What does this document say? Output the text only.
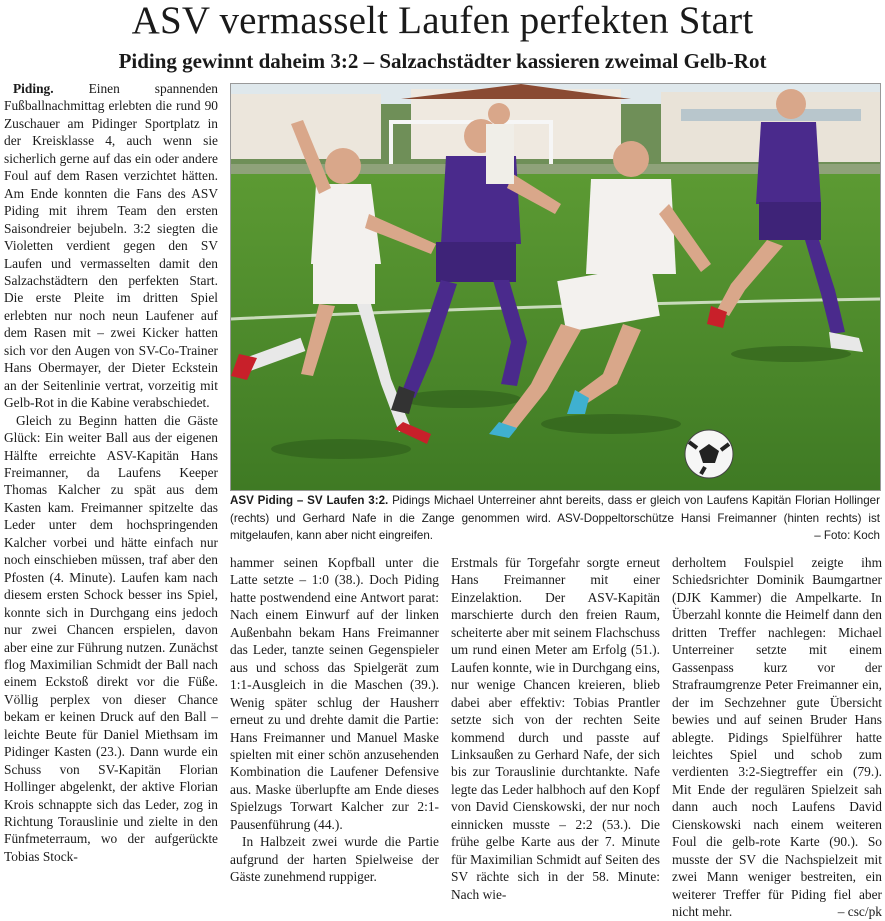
ASV vermasselt Laufen perfekten Start
Piding gewinnt daheim 3:2 – Salzachstädter kassieren zweimal Gelb-Rot

Piding.	Einen spannenden Fußballnachmittag erlebten die rund 90 Zuschauer am Pidinger Sportplatz in der Kreisklasse 4, auch wenn sie sicherlich gerne auf das ein oder andere Foul auf dem Rasen verzichtet hätten. Am Ende konnten die Fans des ASV Piding mit ihrem Team den ersten Saisondreier bejubeln. 3:2 siegten die Violetten verdient gegen den SV Laufen und vermasselten damit den Salzachstädtern den perfekten Start. Die erste Pleite im dritten Spiel erlebten nur noch neun Laufener auf dem Rasen mit – zwei Kicker hatten sich vor den Augen von SV-Co-Trainer Hans Obermayer, der Dieter Eckstein an der Seitenlinie vertrat, vorzeitig mit Gelb-Rot in die Kabine verabschiedet.

Gleich zu Beginn hatten die Gäste Glück: Ein weiter Ball aus der eigenen Hälfte erreichte ASV-Kapitän Hans Freimanner, da Laufens Keeper Thomas Kalcher zu spät aus dem Kasten kam. Freimanner spitzelte das Leder unter dem hochspringenden Kalcher vorbei und hätte einfach nur noch einschieben müssen, traf aber den Pfosten (4. Minute). Laufen kam nach diesem ersten Schock besser ins Spiel, konnte sich in Durchgang eins jedoch nur zwei Chancen erspielen, davon aber eine zur Führung nutzen. Zunächst flog Maximilian Schmidt der Ball nach einem Eckstoß direkt vor die Füße. Völlig perplex von dieser Chance bekam er keinen Druck auf den Ball – leichte Beute für Daniel Miethsam im Pidinger Kasten (23.). Dann wurde ein Schuss von SV-Kapitän Florian Hollinger abgelenkt, der aktive Florian Krois schnappte sich das Leder, zog in Richtung Torauslinie und zielte in den Fünfmeterraum, wo der aufgerückte Tobias Stock-

ASV Piding – SV Laufen 3:2. Pidings Michael Unterreiner ahnt bereits, dass er gleich von Laufens Kapitän Florian Hollinger (rechts) und Gerhard Nafe in die Zange genommen wird. ASV-Doppeltorschütze Hansi Freimanner (hinten rechts) ist mitgelaufen, kann aber nicht eingreifen.	– Foto: Koch

hammer seinen Kopfball unter die Latte setzte – 1:0 (38.). Doch Piding hatte postwendend eine Antwort parat: Nach einem Einwurf auf der linken Außenbahn bekam Hans Freimanner das Leder, tanzte seinen Gegenspieler aus und schoss das Spielgerät zum 1:1-Ausgleich in die Maschen (39.). Wenig später schlug der Hausherr erneut zu und drehte damit die Partie: Hans Freimanner und Manuel Maske spielten mit einer schön anzusehenden Kombination die Laufener Defensive aus. Maske überlupfte am Ende dieses Spielzugs Torwart Kalcher zur 2:1-Pausenführung (44.).

In Halbzeit zwei wurde die Partie aufgrund der harten Spielweise der Gäste zunehmend ruppiger.

Erstmals für Torgefahr sorgte erneut Hans Freimanner mit einer Einzelaktion. Der ASV-Kapitän marschierte durch den freien Raum, scheiterte aber mit seinem Flachschuss um rund einen Meter am Erfolg (51.). Laufen konnte, wie in Durchgang eins, nur wenige Chancen kreieren, blieb dabei aber effektiv: Tobias Prantler setzte sich von der rechten Seite kommend durch und passte auf Linksaußen zu Gerhard Nafe, der sich bis zur Torauslinie durchtankte. Nafe legte das Leder halbhoch auf den Kopf von David Cienskowski, der nur noch einnicken musste – 2:2 (53.). Die frühe gelbe Karte aus der 7. Minute für Maximilian Schmidt auf Seiten des SV rächte sich in der 58. Minute: Nach wie-

derholtem Foulspiel zeigte ihm Schiedsrichter Dominik Baumgartner (DJK Kammer) die Ampelkarte. In Überzahl konnte die Heimelf dann den dritten Treffer nachlegen: Michael Unterreiner setzte mit einem Gassenpass kurz vor der Strafraumgrenze Peter Freimanner ein, der im Sechzehner gute Übersicht bewies und auf seinen Bruder Hans ablegte. Pidings Spielführer hatte leichtes Spiel und schob zum verdienten 3:2-Siegtreffer ein (79.). Mit Ende der regulären Spielzeit sah dann auch noch Laufens David Cienskowski nach einem weiteren Foul die gelb-rote Karte (90.). So musste der SV die Nachspielzeit mit zwei Mann weniger bestreiten, ein weiterer Treffer für Piding fiel aber nicht mehr.	– csc/pk
